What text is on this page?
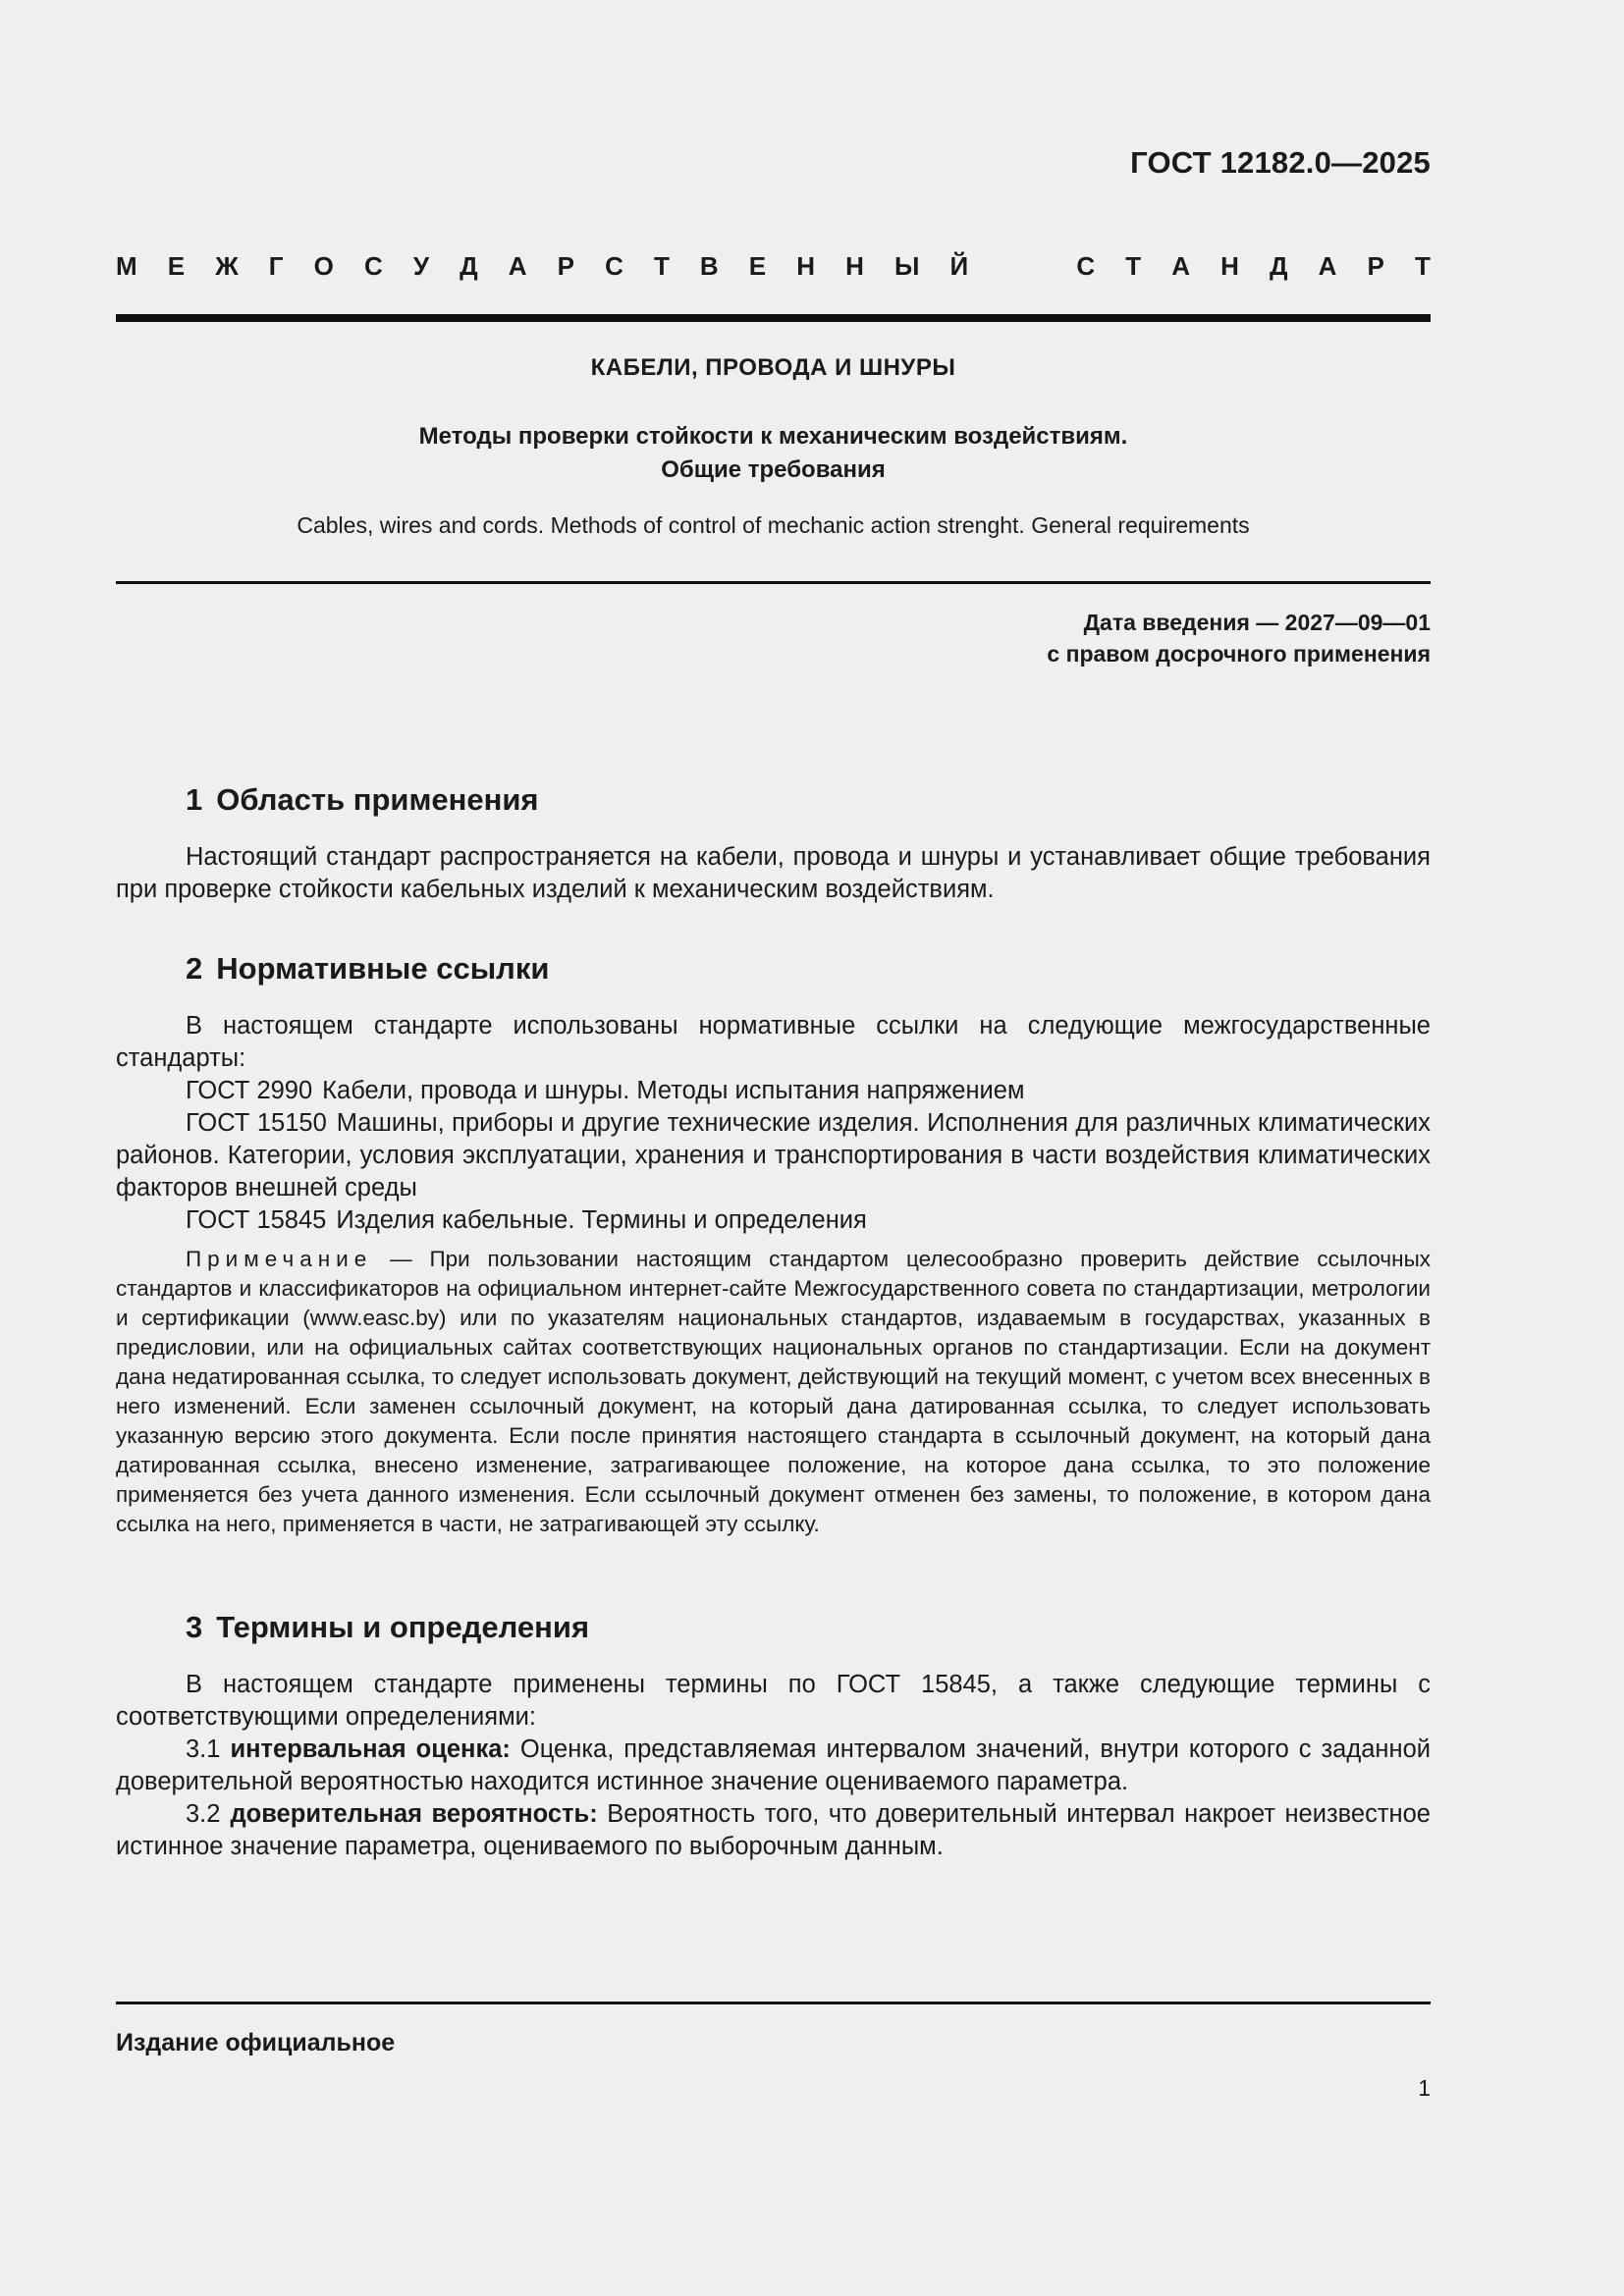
ГОСТ 12182.0—2025
М Е Ж Г О С У Д А Р С Т В Е Н Н Ы Й	С Т А Н Д А Р Т
КАБЕЛИ, ПРОВОДА И ШНУРЫ
Методы проверки стойкости к механическим воздействиям.
Общие требования
Cables, wires and cords. Methods of control of mechanic action strenght. General requirements
Дата введения — 2027—09—01
с правом досрочного применения
1 Область применения

Настоящий стандарт распространяется на кабели, провода и шнуры и устанавливает общие требования при проверке стойкости кабельных изделий к механическим воздействиям.

2 Нормативные ссылки

В настоящем стандарте использованы нормативные ссылки на следующие межгосударственные стандарты:

ГОСТ 2990 Кабели, провода и шнуры. Методы испытания напряжением

ГОСТ 15150 Машины, приборы и другие технические изделия. Исполнения для различных климатических районов. Категории, условия эксплуатации, хранения и транспортирования в части воздействия климатических факторов внешней среды

ГОСТ 15845 Изделия кабельные. Термины и определения

Примечание — При пользовании настоящим стандартом целесообразно проверить действие ссылочных стандартов и классификаторов на официальном интернет-сайте Межгосударственного совета по стандартизации, метрологии и сертификации (www.easc.by) или по указателям национальных стандартов, издаваемым в государствах, указанных в предисловии, или на официальных сайтах соответствующих национальных органов по стандартизации. Если на документ дана недатированная ссылка, то следует использовать документ, действующий на текущий момент, с учетом всех внесенных в него изменений. Если заменен ссылочный документ, на который дана датированная ссылка, то следует использовать указанную версию этого документа. Если после принятия настоящего стандарта в ссылочный документ, на который дана датированная ссылка, внесено изменение, затрагивающее положение, на которое дана ссылка, то это положение применяется без учета данного изменения. Если ссылочный документ отменен без замены, то положение, в котором дана ссылка на него, применяется в части, не затрагивающей эту ссылку.

3 Термины и определения

В настоящем стандарте применены термины по ГОСТ 15845, а также следующие термины с соответствующими определениями:

3.1 интервальная оценка: Оценка, представляемая интервалом значений, внутри которого с заданной доверительной вероятностью находится истинное значение оцениваемого параметра.

3.2 доверительная вероятность: Вероятность того, что доверительный интервал накроет неизвестное истинное значение параметра, оцениваемого по выборочным данным.

Издание официальное
1
